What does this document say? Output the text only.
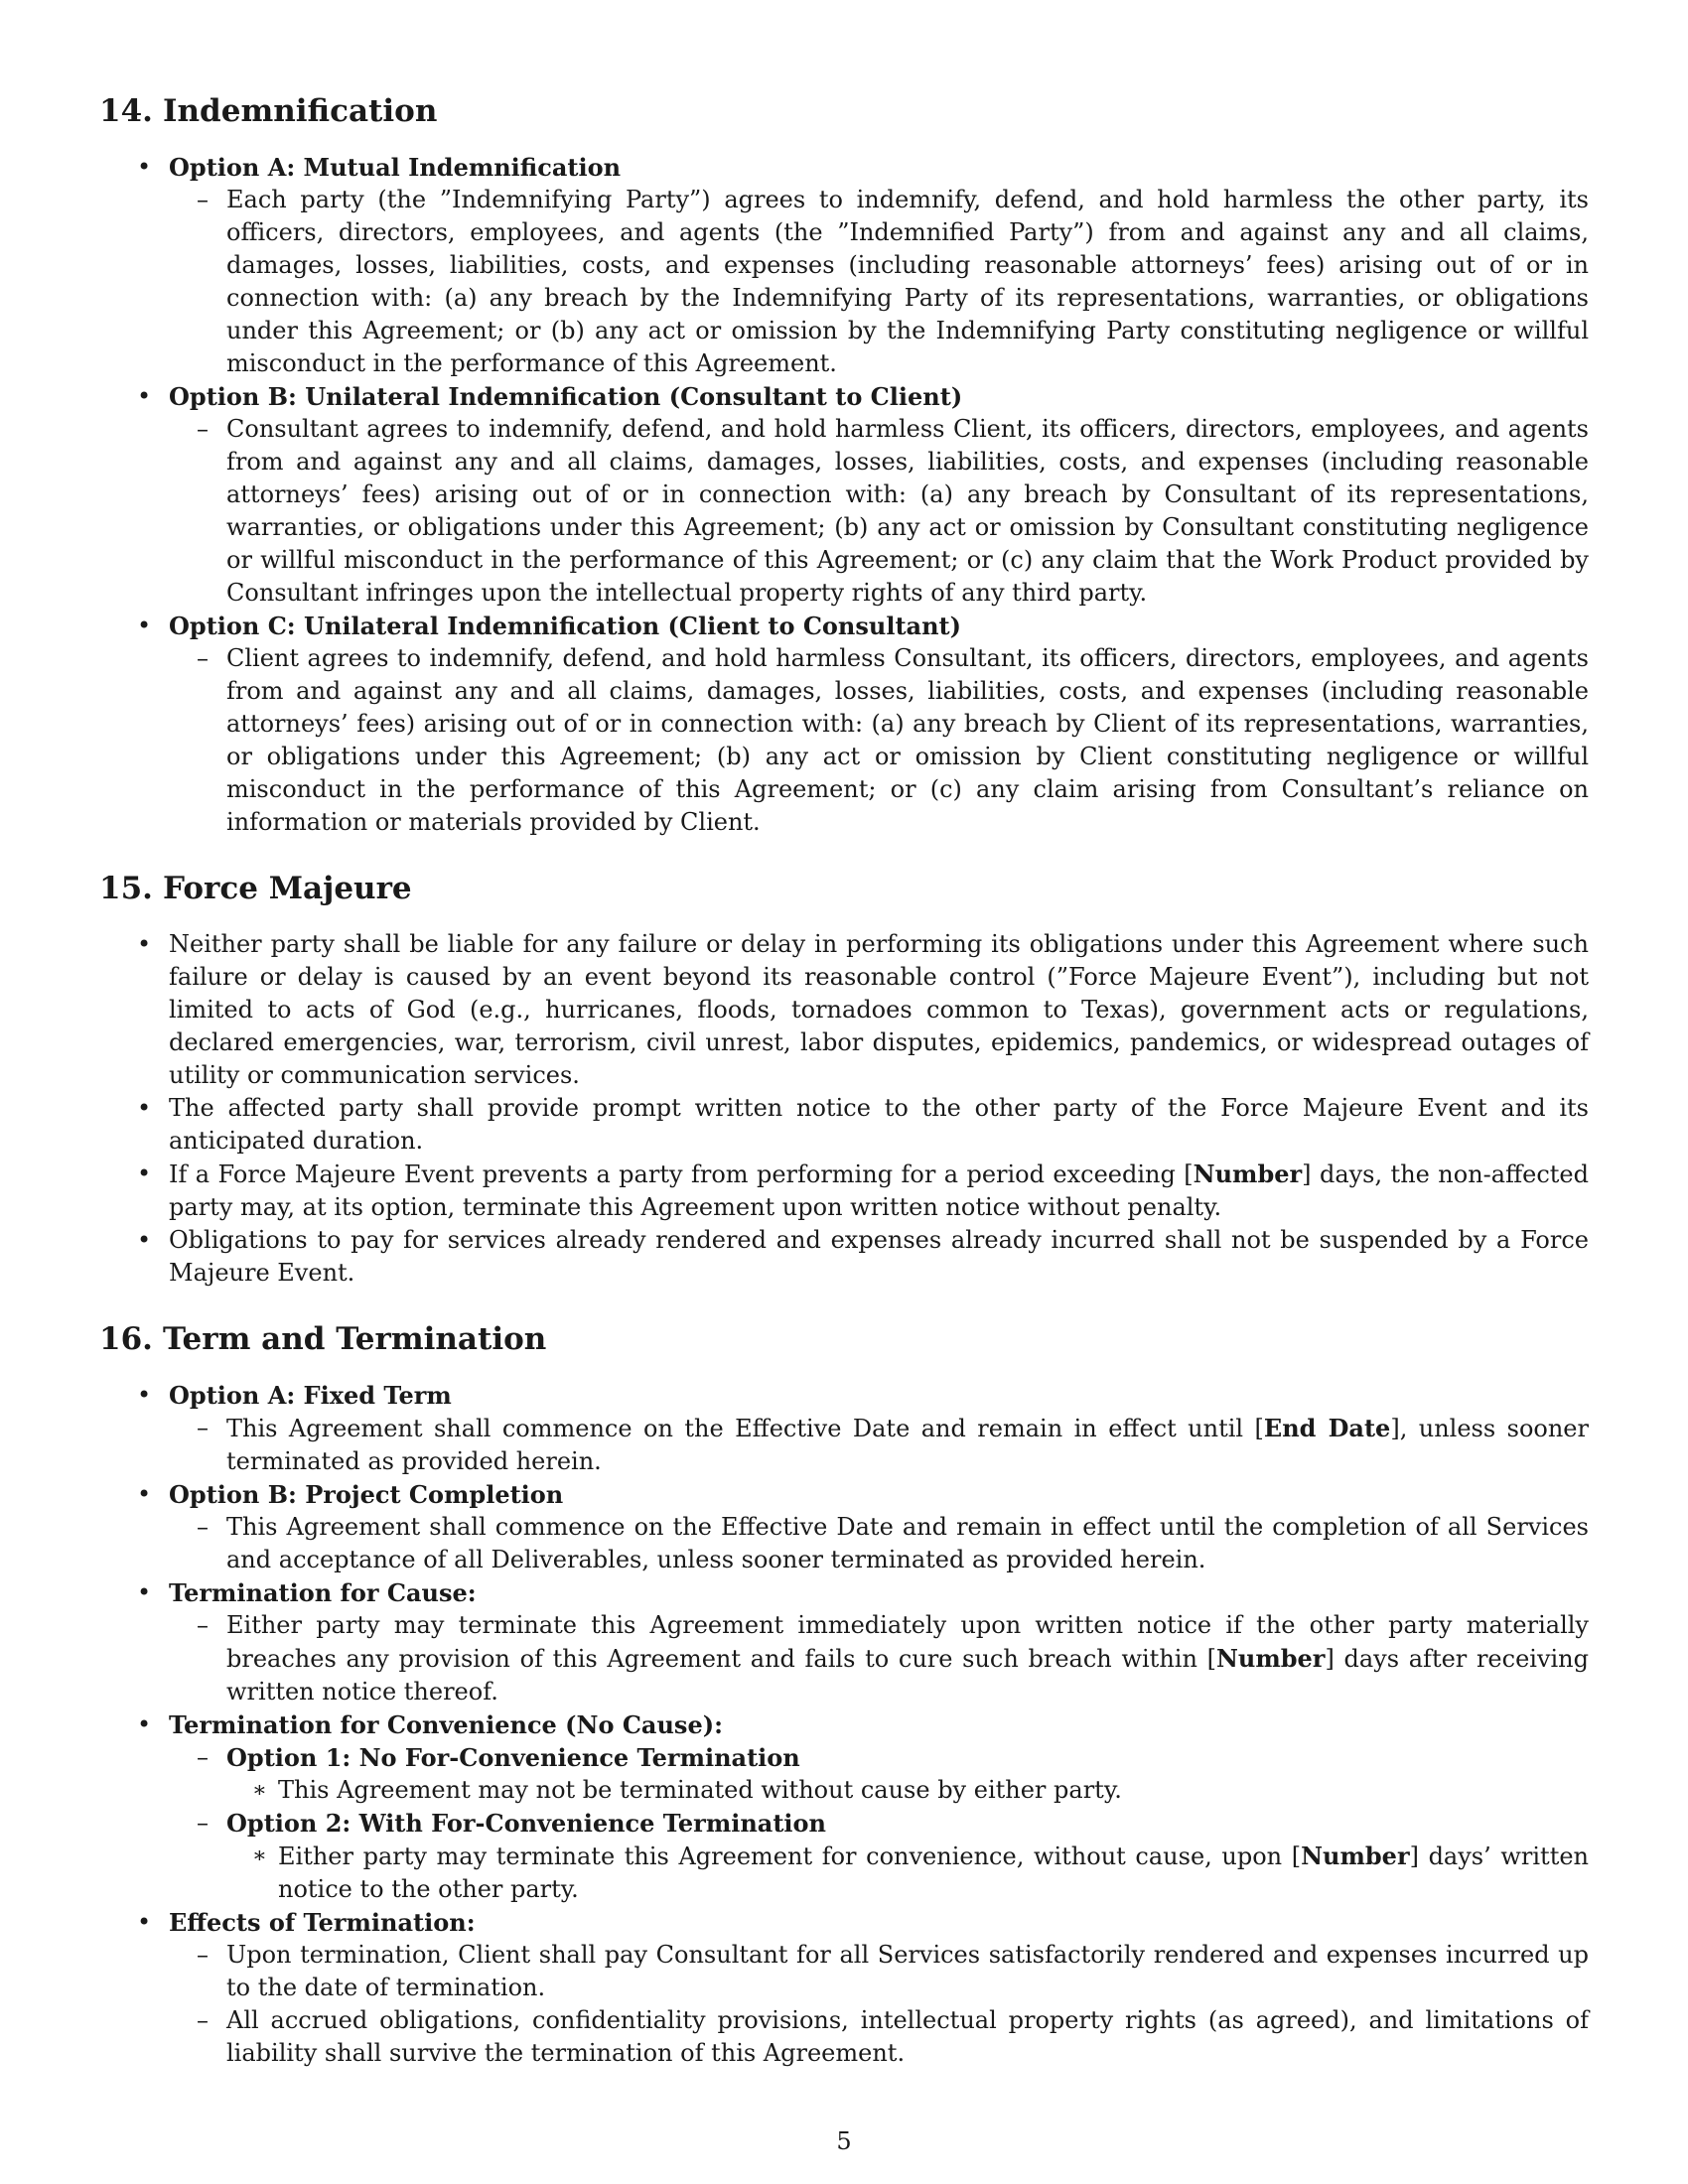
14. Indemnification
• Option A: Mutual Indemnification
– Each party (the ”Indemnifying Party”) agrees to indemnify, defend, and hold harmless the other party, its officers, directors, employees, and agents (the ”Indemnified Party”) from and against any and all claims, damages, losses, liabilities, costs, and expenses (including reasonable attorneys’ fees) arising out of or in connection with: (a) any breach by the Indemnifying Party of its representations, warranties, or obligations under this Agreement; or (b) any act or omission by the Indemnifying Party constituting negligence or willful misconduct in the performance of this Agreement.
• Option B: Unilateral Indemnification (Consultant to Client)
– Consultant agrees to indemnify, defend, and hold harmless Client, its officers, directors, employees, and agents from and against any and all claims, damages, losses, liabilities, costs, and expenses (including reasonable attorneys’ fees) arising out of or in connection with: (a) any breach by Consultant of its representations, warranties, or obligations under this Agreement; (b) any act or omission by Consultant constituting negligence or willful misconduct in the performance of this Agreement; or (c) any claim that the Work Product provided by Consultant infringes upon the intellectual property rights of any third party.
• Option C: Unilateral Indemnification (Client to Consultant)
– Client agrees to indemnify, defend, and hold harmless Consultant, its officers, directors, employees, and agents from and against any and all claims, damages, losses, liabilities, costs, and expenses (including reasonable attorneys’ fees) arising out of or in connection with: (a) any breach by Client of its representations, warranties, or obligations under this Agreement; (b) any act or omission by Client constituting negligence or willful misconduct in the performance of this Agreement; or (c) any claim arising from Consultant’s reliance on information or materials provided by Client.
15. Force Majeure
• Neither party shall be liable for any failure or delay in performing its obligations under this Agreement where such failure or delay is caused by an event beyond its reasonable control (”Force Majeure Event”), including but not limited to acts of God (e.g., hurricanes, floods, tornadoes common to Texas), government acts or regulations, declared emergencies, war, terrorism, civil unrest, labor disputes, epidemics, pandemics, or widespread outages of utility or communication services.
• The affected party shall provide prompt written notice to the other party of the Force Majeure Event and its anticipated duration.
• If a Force Majeure Event prevents a party from performing for a period exceeding [Number] days, the non-affected party may, at its option, terminate this Agreement upon written notice without penalty.
• Obligations to pay for services already rendered and expenses already incurred shall not be suspended by a Force Majeure Event.
16. Term and Termination
• Option A: Fixed Term
– This Agreement shall commence on the Effective Date and remain in effect until [End Date], unless sooner terminated as provided herein.
• Option B: Project Completion
– This Agreement shall commence on the Effective Date and remain in effect until the completion of all Services and acceptance of all Deliverables, unless sooner terminated as provided herein.
• Termination for Cause:
– Either party may terminate this Agreement immediately upon written notice if the other party materially breaches any provision of this Agreement and fails to cure such breach within [Number] days after receiving written notice thereof.
• Termination for Convenience (No Cause):
– Option 1: No For-Convenience Termination
∗ This Agreement may not be terminated without cause by either party.
– Option 2: With For-Convenience Termination
∗ Either party may terminate this Agreement for convenience, without cause, upon [Number] days’ written notice to the other party.
• Effects of Termination:
– Upon termination, Client shall pay Consultant for all Services satisfactorily rendered and expenses incurred up to the date of termination.
– All accrued obligations, confidentiality provisions, intellectual property rights (as agreed), and limitations of liability shall survive the termination of this Agreement.
5
